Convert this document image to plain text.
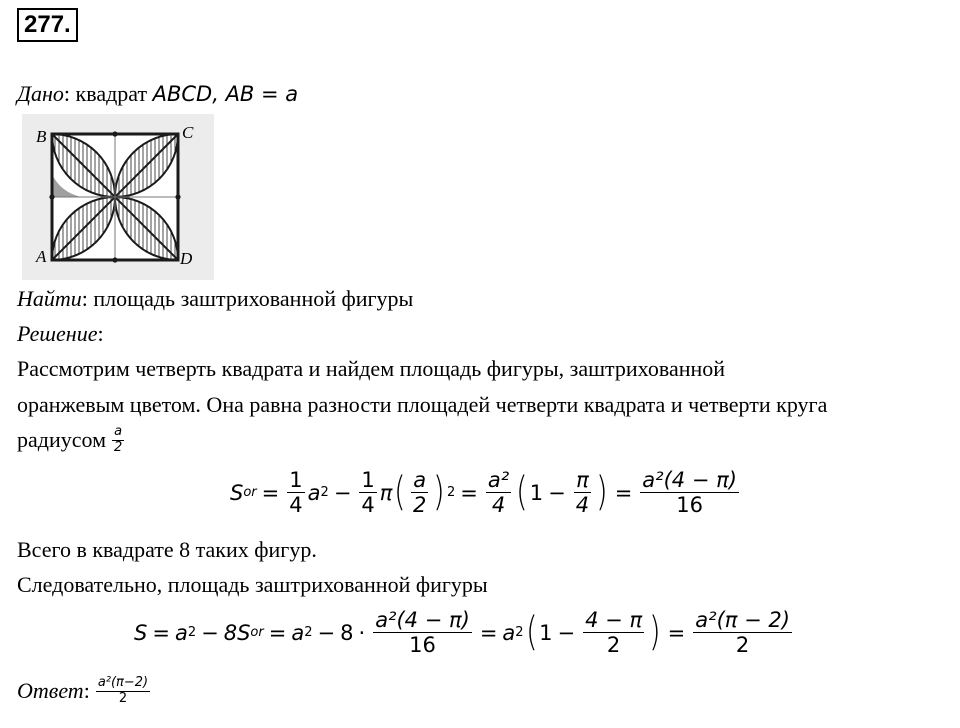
277.
Дано: квадрат ABCD, AB = a
B	C
A	D
Найти: площадь заштрихованной фигуры
Решение:
Рассмотрим четверть квадрата и найдем площадь фигуры, заштрихованной
оранжевым цветом. Она равна разности площадей четверти квадрата и четверти круга
радиусом $\frac{a}{2}$
S or = $\frac{1}{4}$ a $2 - \frac{1}{4}$ π ( $\frac{a}{2}$ ) $2 = \frac{\text{a²}}{4}$ ( $1 - \frac{\pi}{4}$ ) = $\frac{\text{a²(4 − π)}}{16}$
Всего в квадрате 8 таких фигур.
Следовательно, площадь заштрихованной фигуры
S = a 2 − 8S or = a $2 - 8 \cdot \frac{\text{a²(4 − π)}}{16} = a$ 2 ( $1 - \frac{4 - \pi}{2}$ ) = $\frac{\text{a²(π − 2)}}{2}$
Ответ : $\frac{\text{a²(π−2)}}{2}$
